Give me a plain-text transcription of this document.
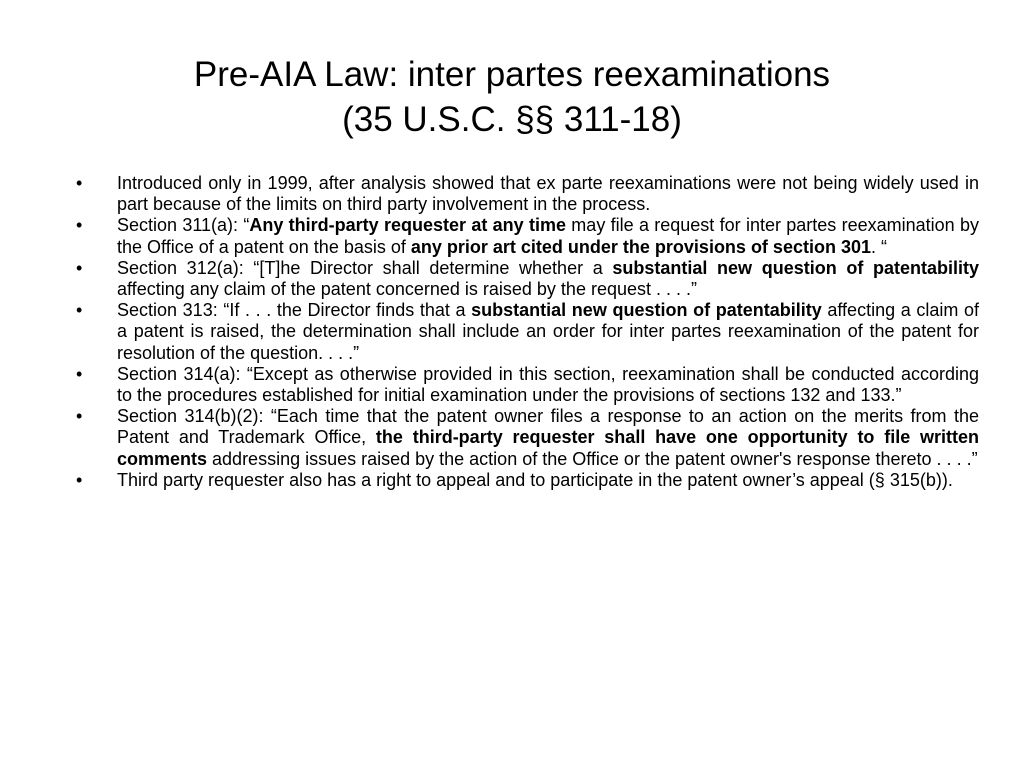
Pre-AIA Law: inter partes reexaminations
(35 U.S.C. §§ 311-18)
•	Introduced only in 1999, after analysis showed that ex parte reexaminations were not being widely used in part because of the limits on third party involvement in the process.
•	Section 311(a): “Any third-party requester at any time may file a request for inter partes reexamination by the Office of a patent on the basis of any prior art cited under the provisions of section 301. “
•	Section 312(a): “[T]he Director shall determine whether a substantial new question of patentability affecting any claim of the patent concerned is raised by the request . . . .”
•	Section 313: “If . . . the Director finds that a substantial new question of patentability affecting a claim of a patent is raised, the determination shall include an order for inter partes reexamination of the patent for resolution of the question. . . .”
•	Section 314(a): “Except as otherwise provided in this section, reexamination shall be conducted according to the procedures established for initial examination under the provisions of sections 132 and 133.”
•	Section 314(b)(2): “Each time that the patent owner files a response to an action on the merits from the Patent and Trademark Office, the third-party requester shall have one opportunity to file written comments addressing issues raised by the action of the Office or the patent owner's response thereto . . . .”
•	Third party requester also has a right to appeal and to participate in the patent owner’s appeal (§ 315(b)).
